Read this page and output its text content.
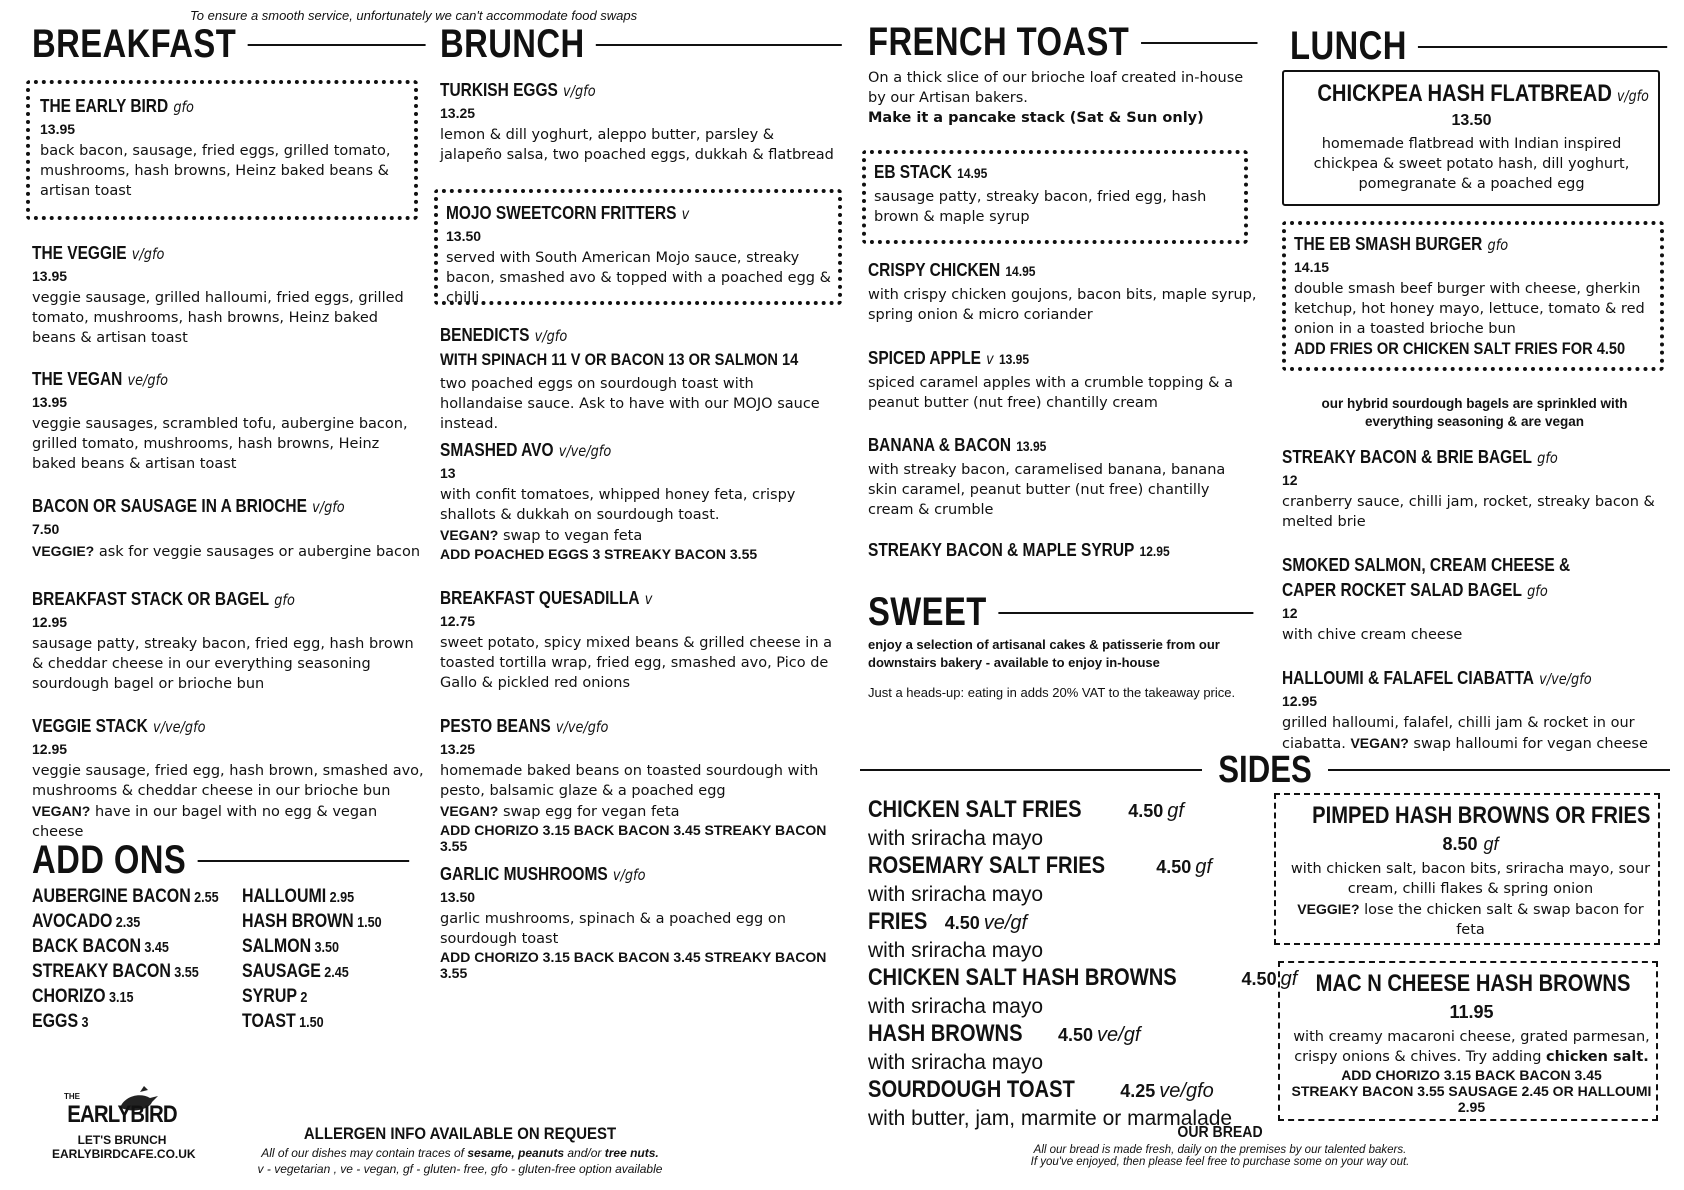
To ensure a smooth service, unfortunately we can't accommodate food swaps
BREAKFAST
THE EARLY BIRD gfo
13.95
back bacon, sausage, fried eggs, grilled tomato, mushrooms, hash browns, Heinz baked beans & artisan toast
THE VEGGIE v/gfo
13.95
veggie sausage, grilled halloumi, fried eggs, grilled tomato, mushrooms, hash browns, Heinz baked beans & artisan toast
THE VEGAN ve/gfo
13.95
veggie sausages, scrambled tofu, aubergine bacon, grilled tomato, mushrooms, hash browns, Heinz baked beans & artisan toast
BACON OR SAUSAGE IN A BRIOCHE v/gfo
7.50
VEGGIE? ask for veggie sausages or aubergine bacon
BREAKFAST STACK OR BAGEL gfo
12.95
sausage patty, streaky bacon, fried egg, hash brown & cheddar cheese in our everything seasoning sourdough bagel or brioche bun
VEGGIE STACK v/ve/gfo
12.95
veggie sausage, fried egg, hash brown, smashed avo, mushrooms & cheddar cheese in our brioche bun
VEGAN? have in our bagel with no egg & vegan cheese
ADD ONS
AUBERGINE BACON 2.55
AVOCADO 2.35
BACK BACON 3.45
STREAKY BACON 3.55
CHORIZO 3.15
EGGS 3
HALLOUMI 2.95
HASH BROWN 1.50
SALMON 3.50
SAUSAGE 2.45
SYRUP 2
TOAST 1.50
THE
EARLYBIRD
LET'S BRUNCH
EARLYBIRDCAFE.CO.UK
ALLERGEN INFO AVAILABLE ON REQUEST
All of our dishes may contain traces of sesame, peanuts and/or tree nuts.
v - vegetarian , ve - vegan, gf - gluten- free, gfo - gluten-free option available
BRUNCH
TURKISH EGGS v/gfo
13.25
lemon & dill yoghurt, aleppo butter, parsley & jalapeño salsa, two poached eggs, dukkah & flatbread
MOJO SWEETCORN FRITTERS v
13.50
served with South American Mojo sauce, streaky bacon, smashed avo & topped with a poached egg & chilli
BENEDICTS v/gfo
WITH SPINACH 11 V OR BACON 13 OR SALMON 14
two poached eggs on sourdough toast with hollandaise sauce. Ask to have with our MOJO sauce instead.
SMASHED AVO v/ve/gfo
13
with confit tomatoes, whipped honey feta, crispy shallots & dukkah on sourdough toast.
VEGAN? swap to vegan feta
ADD POACHED EGGS 3 STREAKY BACON 3.55
BREAKFAST QUESADILLA v
12.75
sweet potato, spicy mixed beans & grilled cheese in a toasted tortilla wrap, fried egg, smashed avo, Pico de Gallo & pickled red onions
PESTO BEANS v/ve/gfo
13.25
homemade baked beans on toasted sourdough with pesto, balsamic glaze & a poached egg
VEGAN? swap egg for vegan feta
ADD CHORIZO 3.15 BACK BACON 3.45 STREAKY BACON 3.55
GARLIC MUSHROOMS v/gfo
13.50
garlic mushrooms, spinach & a poached egg on sourdough toast
ADD CHORIZO 3.15 BACK BACON 3.45 STREAKY BACON 3.55
FRENCH TOAST
On a thick slice of our brioche loaf created in-house by our Artisan bakers.
Make it a pancake stack (Sat & Sun only)
EB STACK 14.95
sausage patty, streaky bacon, fried egg, hash brown & maple syrup
CRISPY CHICKEN 14.95
with crispy chicken goujons, bacon bits, maple syrup, spring onion & micro coriander
SPICED APPLE v 13.95
spiced caramel apples with a crumble topping & a peanut butter (nut free) chantilly cream
BANANA & BACON 13.95
with streaky bacon, caramelised banana, banana skin caramel, peanut butter (nut free) chantilly cream & crumble
STREAKY BACON & MAPLE SYRUP 12.95
SWEET
enjoy a selection of artisanal cakes & patisserie from our downstairs bakery - available to enjoy in-house
Just a heads-up: eating in adds 20% VAT to the takeaway price.
SIDES
CHICKEN SALT FRIES	4.50 gf
with sriracha mayo
ROSEMARY SALT FRIES	4.50 gf
with sriracha mayo
FRIES 4.50 ve/gf
with sriracha mayo
CHICKEN SALT HASH BROWNS	4.50 gf
with sriracha mayo
HASH BROWNS 4.50 ve/gf
with sriracha mayo
SOURDOUGH TOAST	4.25 ve/gfo
with butter, jam, marmite or marmalade
OUR BREAD
All our bread is made fresh, daily on the premises by our talented bakers.
If you've enjoyed, then please feel free to purchase some on your way out.
LUNCH
CHICKPEA HASH FLATBREAD v/gfo
13.50
homemade flatbread with Indian inspired chickpea & sweet potato hash, dill yoghurt, pomegranate & a poached egg
THE EB SMASH BURGER gfo
14.15
double smash beef burger with cheese, gherkin ketchup, hot honey mayo, lettuce, tomato & red onion in a toasted brioche bun
ADD FRIES OR CHICKEN SALT FRIES FOR 4.50
our hybrid sourdough bagels are sprinkled with everything seasoning & are vegan
STREAKY BACON & BRIE BAGEL gfo
12
cranberry sauce, chilli jam, rocket, streaky bacon & melted brie
SMOKED SALMON, CREAM CHEESE &
CAPER ROCKET SALAD BAGEL gfo
12
with chive cream cheese
HALLOUMI & FALAFEL CIABATTA v/ve/gfo
12.95
grilled halloumi, falafel, chilli jam & rocket in our ciabatta. VEGAN? swap halloumi for vegan cheese
PIMPED HASH BROWNS OR FRIES
8.50 gf
with chicken salt, bacon bits, sriracha mayo, sour cream, chilli flakes & spring onion
VEGGIE? lose the chicken salt & swap bacon for feta
MAC N CHEESE HASH BROWNS
11.95
with creamy macaroni cheese, grated parmesan, crispy onions & chives. Try adding chicken salt.
ADD CHORIZO 3.15 BACK BACON 3.45
STREAKY BACON 3.55 SAUSAGE 2.45 OR HALLOUMI 2.95
